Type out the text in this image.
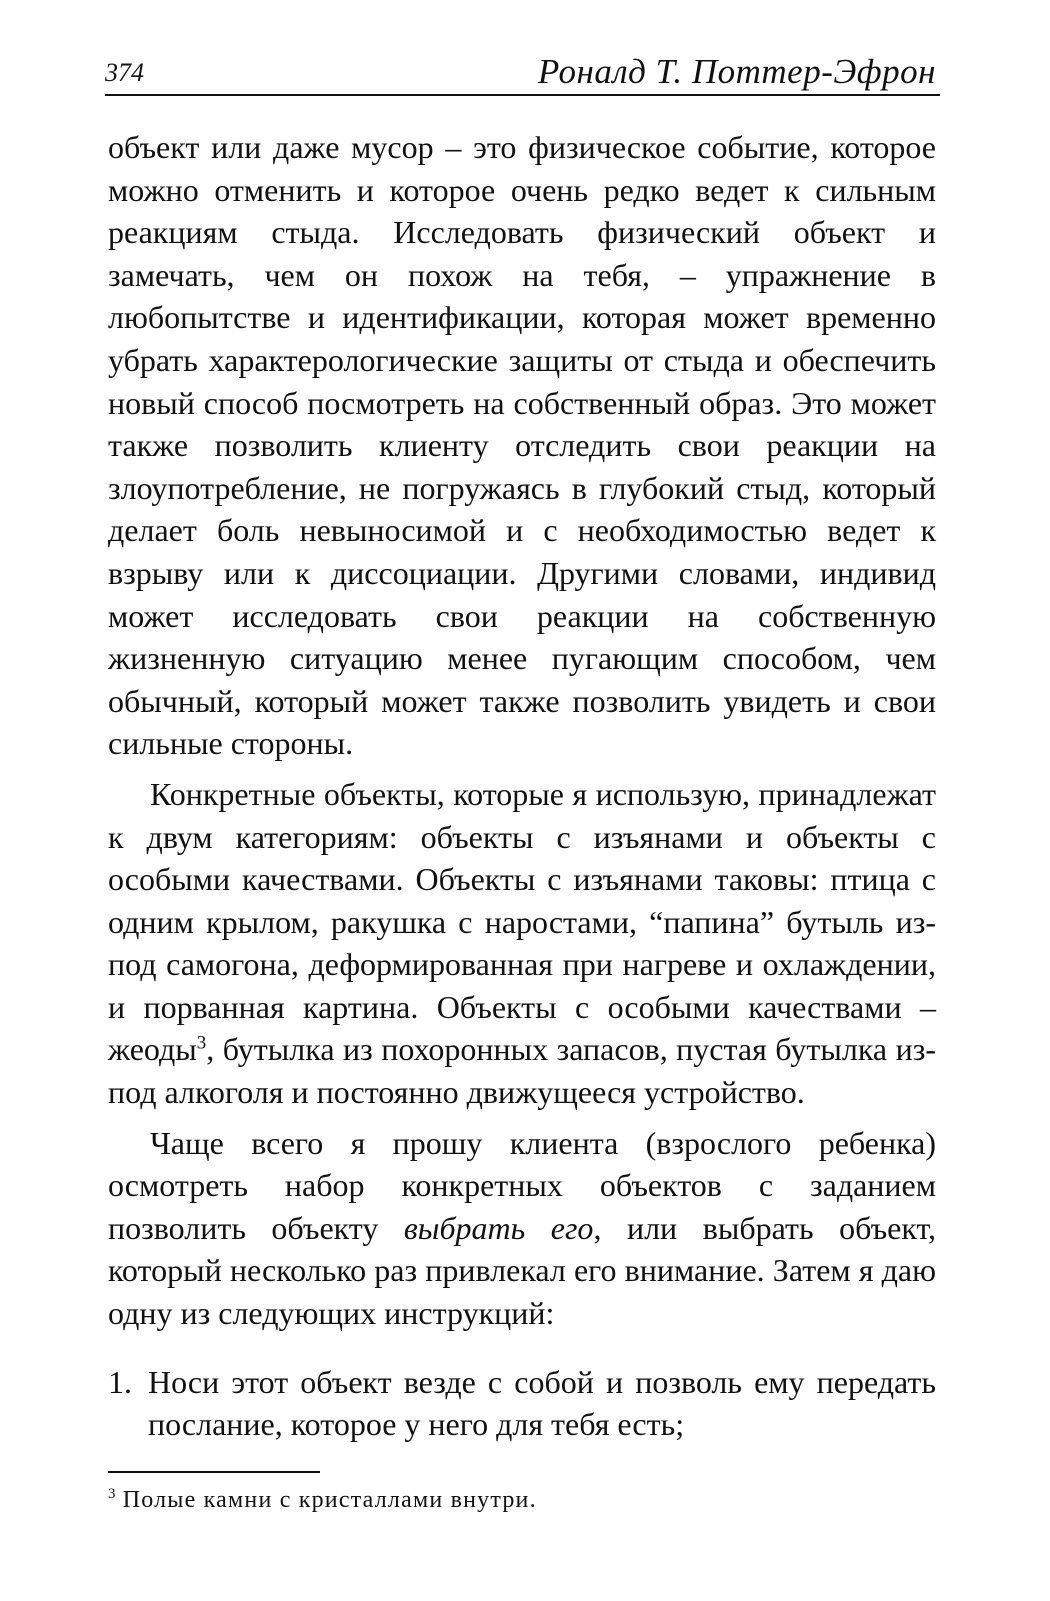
374	Роналд Т. Поттер-Эфрон

объект или даже мусор – это физическое событие, которое можно отменить и которое очень редко ведет к сильным реакциям стыда. Исследовать физический объект и замечать, чем он похож на тебя, – упражнение в любопытстве и идентификации, которая может временно убрать характерологические защиты от стыда и обеспечить новый способ посмотреть на собственный образ. Это может также позволить клиенту отследить свои реакции на злоупотребление, не погружаясь в глубокий стыд, который делает боль невыносимой и с необходимостью ведет к взрыву или к диссоциации. Другими словами, индивид может исследовать свои реакции на собственную жизненную ситуацию менее пугающим способом, чем обычный, который может также позволить увидеть и свои сильные стороны.

Конкретные объекты, которые я использую, принадлежат к двум категориям: объекты с изъянами и объекты с особыми качествами. Объекты с изъянами таковы: птица с одним крылом, ракушка с наростами, “папина” бутыль из-под самогона, деформированная при нагреве и охлаждении, и порванная картина. Объекты с особыми качествами – жеоды$^3$, бутылка из похоронных запасов, пустая бутылка из-под алкоголя и постоянно движущееся устройство.

Чаще всего я прошу клиента (взрослого ребенка) осмотреть набор конкретных объектов с заданием позволить объекту выбрать его, или выбрать объект, который несколько раз привлекал его внимание. Затем я даю одну из следующих инструкций:

1. Носи этот объект везде с собой и позволь ему передать послание, которое у него для тебя есть;
$^3$ Полые камни с кристаллами внутри.
